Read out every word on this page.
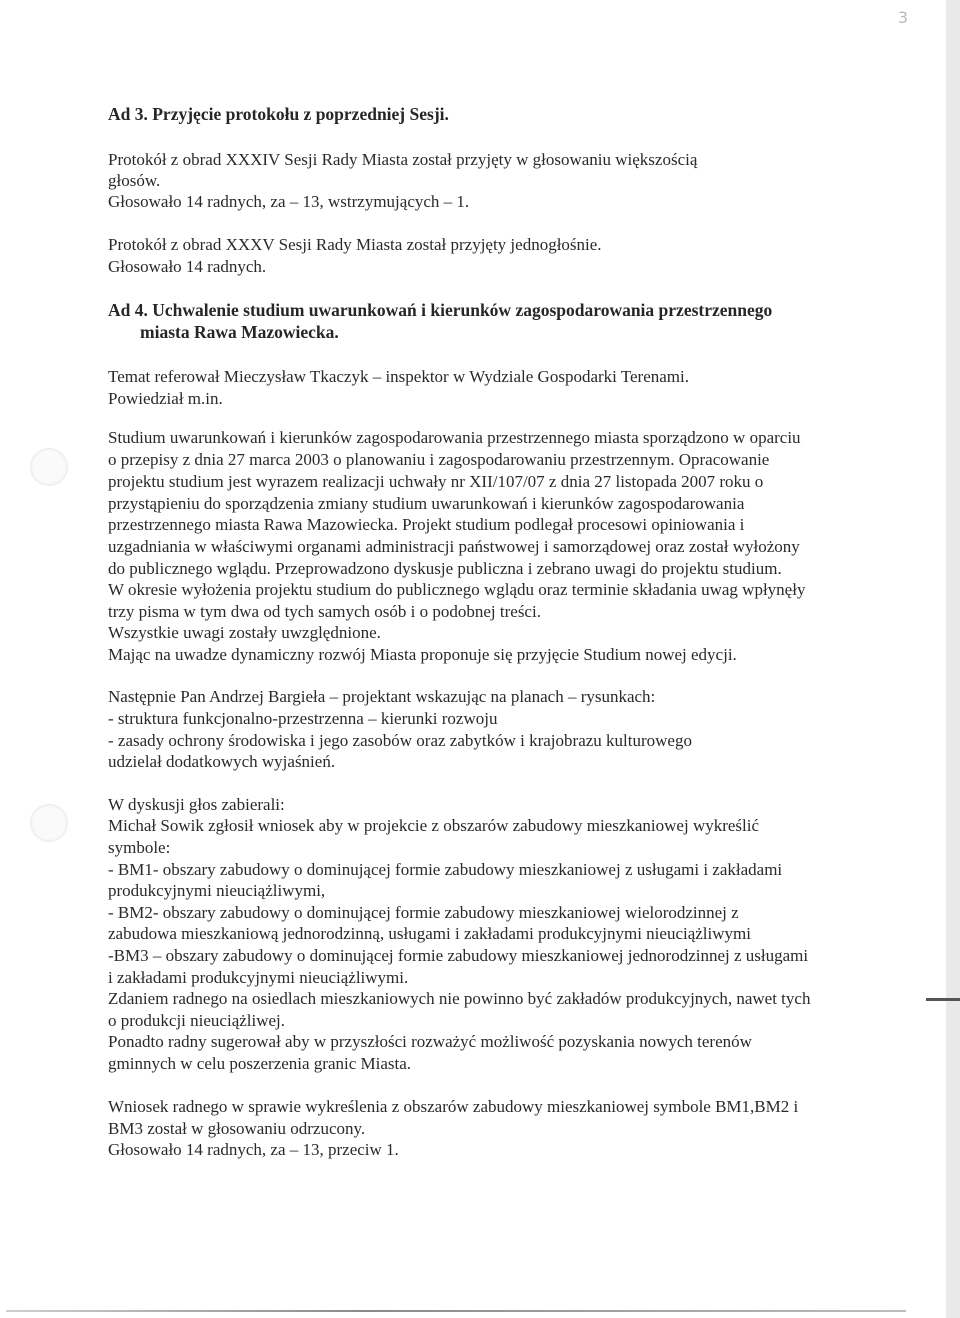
3
Ad 3. Przyjęcie protokołu z poprzedniej Sesji.
Protokół z obrad XXXIV Sesji Rady Miasta został przyjęty w głosowaniu większością
głosów.
Głosowało 14 radnych, za – 13, wstrzymujących – 1.
Protokół z obrad XXXV Sesji Rady Miasta został przyjęty jednogłośnie.
Głosowało 14 radnych.
Ad 4. Uchwalenie studium uwarunkowań i kierunków zagospodarowania przestrzennego
miasta Rawa Mazowiecka.
Temat referował Mieczysław Tkaczyk – inspektor w Wydziale Gospodarki Terenami.
Powiedział m.in.
Studium uwarunkowań i kierunków zagospodarowania przestrzennego miasta sporządzono w oparciu
o przepisy z dnia 27 marca 2003 o planowaniu i zagospodarowaniu przestrzennym. Opracowanie
projektu studium jest wyrazem realizacji uchwały nr XII/107/07 z dnia 27 listopada 2007 roku o
przystąpieniu do sporządzenia zmiany studium uwarunkowań i kierunków zagospodarowania
przestrzennego miasta Rawa Mazowiecka. Projekt studium podlegał procesowi opiniowania i
uzgadniania w właściwymi organami administracji państwowej i samorządowej oraz został wyłożony
do publicznego wglądu. Przeprowadzono dyskusje publiczna i zebrano uwagi do projektu studium.
W okresie wyłożenia projektu studium do publicznego wglądu oraz terminie składania uwag wpłynęły
trzy pisma w tym dwa od tych samych osób i o podobnej treści.
Wszystkie uwagi zostały uwzględnione.
Mając na uwadze dynamiczny rozwój Miasta proponuje się przyjęcie Studium nowej edycji.
Następnie Pan Andrzej Bargieła – projektant wskazując na planach – rysunkach:
- struktura funkcjonalno-przestrzenna – kierunki rozwoju
- zasady ochrony środowiska i jego zasobów oraz zabytków i krajobrazu kulturowego
udzielał dodatkowych wyjaśnień.
W dyskusji głos zabierali:
Michał Sowik zgłosił wniosek aby w projekcie z obszarów zabudowy mieszkaniowej wykreślić
symbole:
- BM1- obszary zabudowy o dominującej formie zabudowy mieszkaniowej z usługami i zakładami
produkcyjnymi nieuciążliwymi,
- BM2- obszary zabudowy o dominującej formie zabudowy mieszkaniowej wielorodzinnej z
zabudowa mieszkaniową jednorodzinną, usługami i zakładami produkcyjnymi nieuciążliwymi
-BM3 – obszary zabudowy o dominującej formie zabudowy mieszkaniowej jednorodzinnej z usługami
i zakładami produkcyjnymi nieuciążliwymi.
Zdaniem radnego na osiedlach mieszkaniowych nie powinno być zakładów produkcyjnych, nawet tych
o produkcji nieuciążliwej.
Ponadto radny sugerował aby w przyszłości rozważyć możliwość pozyskania nowych terenów
gminnych w celu poszerzenia granic Miasta.
Wniosek radnego w sprawie wykreślenia z obszarów zabudowy mieszkaniowej symbole BM1,BM2 i
BM3 został w głosowaniu odrzucony.
Głosowało 14 radnych, za – 13, przeciw 1.
